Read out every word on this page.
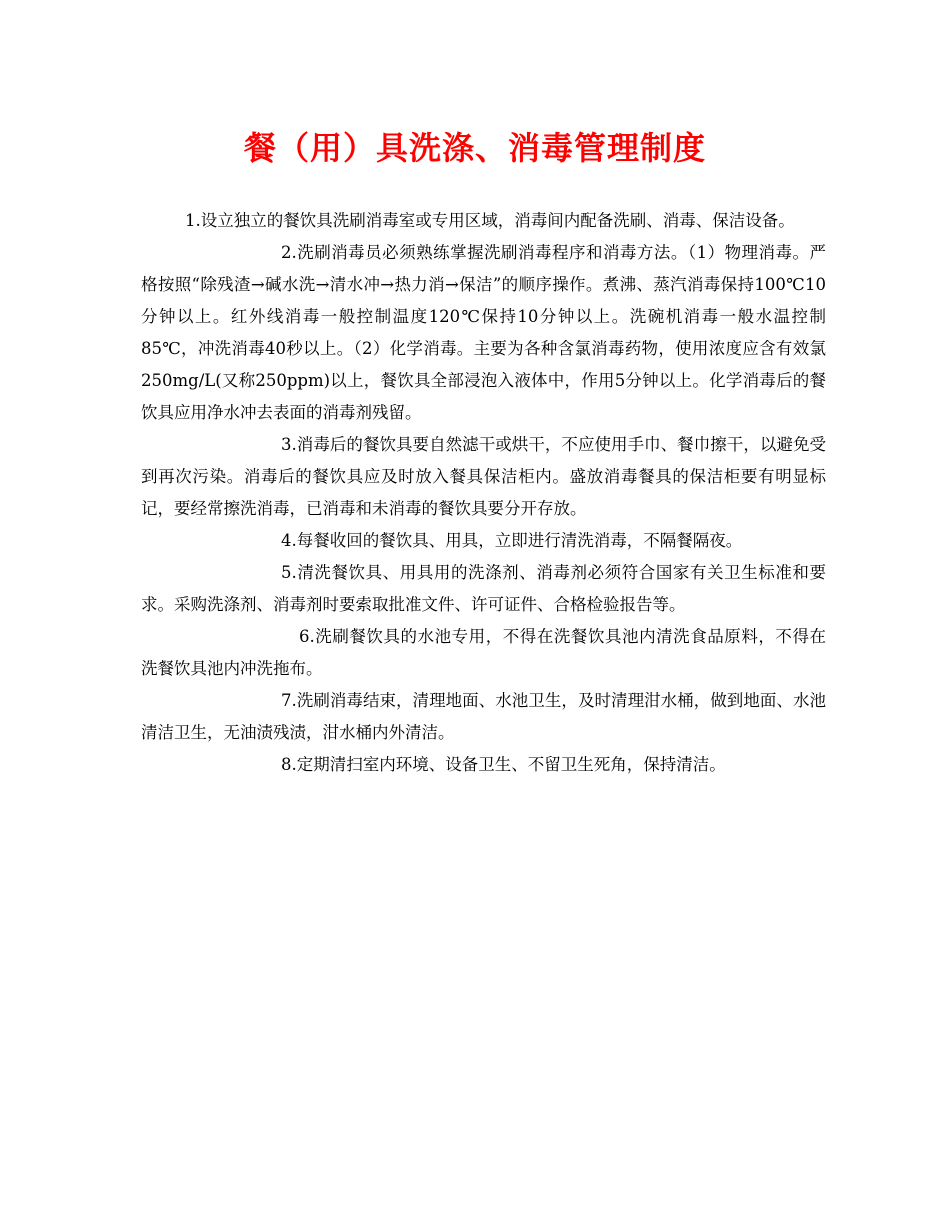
餐（用）具洗涤、消毒管理制度

1.设立独立的餐饮具洗刷消毒室或专用区域，消毒间内配备洗刷、消毒、保洁设备。

2.洗刷消毒员必须熟练掌握洗刷消毒程序和消毒方法。（1）物理消毒。严格按照“除残渣→碱水洗→清水冲→热力消→保洁”的顺序操作。煮沸、蒸汽消毒保持100℃10分钟以上。红外线消毒一般控制温度120℃保持10分钟以上。洗碗机消毒一般水温控制85℃，冲洗消毒40秒以上。（2）化学消毒。主要为各种含氯消毒药物，使用浓度应含有效氯250mg/L(又称250ppm)以上，餐饮具全部浸泡入液体中，作用5分钟以上。化学消毒后的餐饮具应用净水冲去表面的消毒剂残留。

3.消毒后的餐饮具要自然滤干或烘干，不应使用手巾、餐巾擦干，以避免受到再次污染。消毒后的餐饮具应及时放入餐具保洁柜内。盛放消毒餐具的保洁柜要有明显标记，要经常擦洗消毒，已消毒和未消毒的餐饮具要分开存放。

4.每餐收回的餐饮具、用具，立即进行清洗消毒，不隔餐隔夜。

5.清洗餐饮具、用具用的洗涤剂、消毒剂必须符合国家有关卫生标准和要求。采购洗涤剂、消毒剂时要索取批准文件、许可证件、合格检验报告等。

6.洗刷餐饮具的水池专用，不得在洗餐饮具池内清洗食品原料，不得在洗餐饮具池内冲洗拖布。

7.洗刷消毒结束，清理地面、水池卫生，及时清理泔水桶，做到地面、水池清洁卫生，无油渍残渍，泔水桶内外清洁。

8.定期清扫室内环境、设备卫生、不留卫生死角，保持清洁。
